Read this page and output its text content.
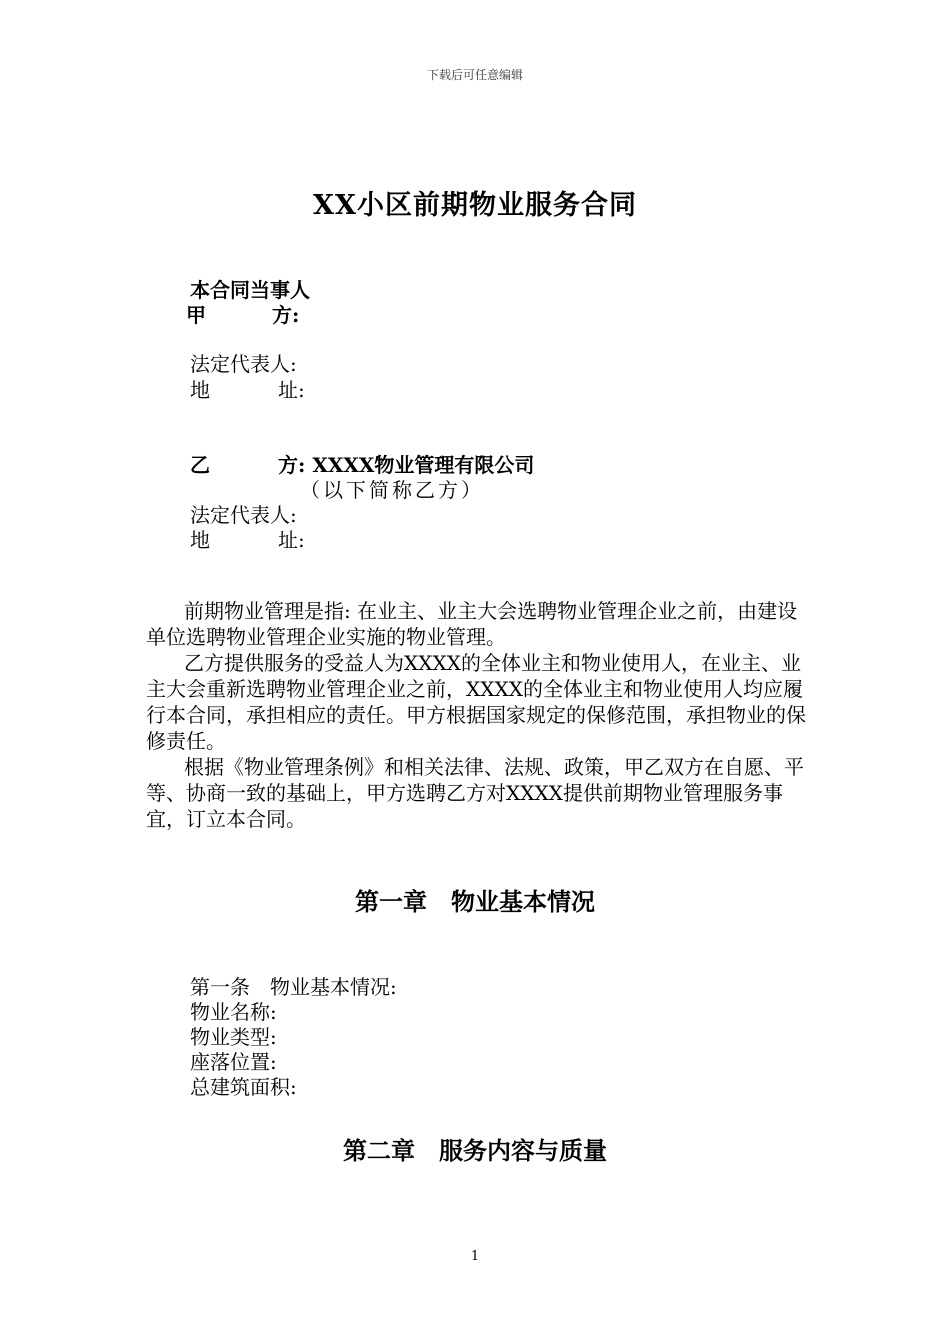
下载后可任意编辑
XX小区前期物业服务合同
本合同当事人
甲	方:
法定代表人:
地	址:
乙	方: XXXX物业管理有限公司
（以下简称乙方）
法定代表人:
地	址:

前期物业管理是指: 在业主、业主大会选聘物业管理企业之前，由建设单位选聘物业管理企业实施的物业管理。

乙方提供服务的受益人为XXXX的全体业主和物业使用人，在业主、业主大会重新选聘物业管理企业之前，XXXX的全体业主和物业使用人均应履行本合同，承担相应的责任。甲方根据国家规定的保修范围，承担物业的保修责任。

根据《物业管理条例》和相关法律、法规、政策，甲乙双方在自愿、平等、协商一致的基础上，甲方选聘乙方对XXXX提供前期物业管理服务事宜，订立本合同。

第一章　物业基本情况
第一条　物业基本情况:
物业名称:
物业类型:
座落位置:
总建筑面积:
第二章　服务内容与质量
1
